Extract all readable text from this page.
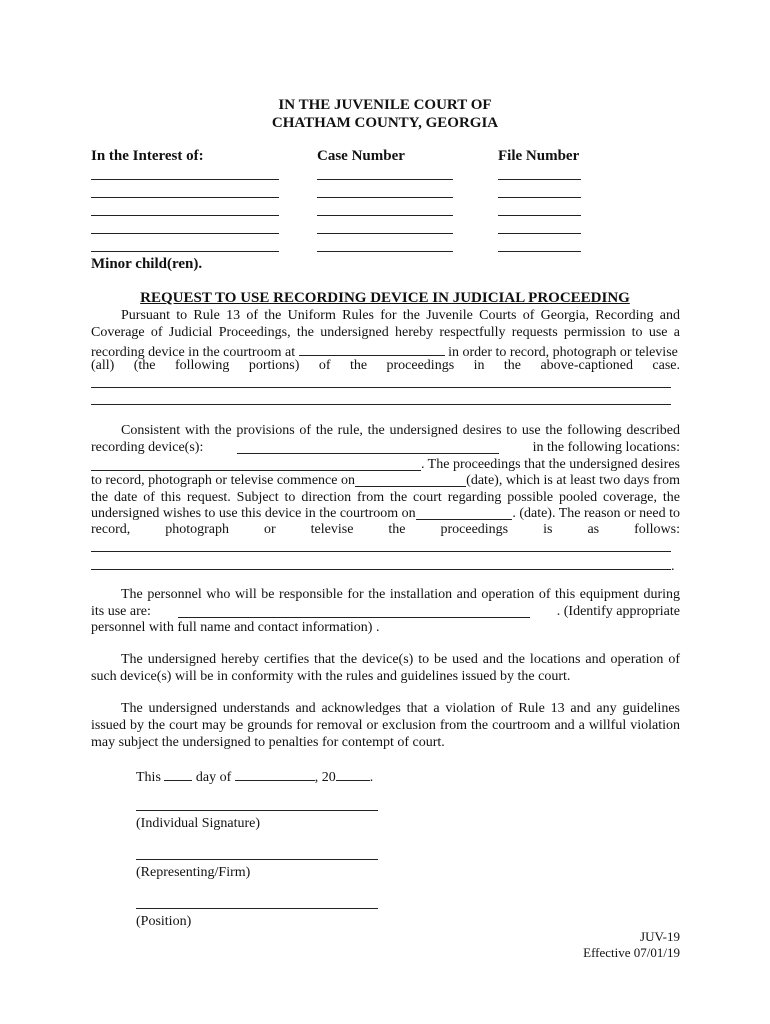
IN THE JUVENILE COURT OF
CHATHAM COUNTY, GEORGIA
In the Interest of:	Case Number	File Number
Minor child(ren).
REQUEST TO USE RECORDING DEVICE IN JUDICIAL PROCEEDING
Pursuant to Rule 13 of the Uniform Rules for the Juvenile Courts of Georgia, Recording and
Coverage of Judicial Proceedings, the undersigned hereby respectfully requests permission to use a
recording device in the courtroom at	in order to record, photograph or televise
(all) (the following portions) of the proceedings in the above-captioned case.
Consistent with the provisions of the rule, the undersigned desires to use the following described
recording device(s):	in the following locations:
. The proceedings that the undersigned desires
to record, photograph or televise commence on	(date), which is at least two days from
the date of this request. Subject to direction from the court regarding possible pooled coverage, the
undersigned wishes to use this device in the courtroom on	. (date). The reason or need to
record, photograph or televise the proceedings is as follows:
.
The personnel who will be responsible for the installation and operation of this equipment during
its use are:	. (Identify appropriate
personnel with full name and contact information) .
The undersigned hereby certifies that the device(s) to be used and the locations and operation of
such device(s) will be in conformity with the rules and guidelines issued by the court.
The undersigned understands and acknowledges that a violation of Rule 13 and any guidelines
issued by the court may be grounds for removal or exclusion from the courtroom and a willful violation
may subject the undersigned to penalties for contempt of court.
This	day of	, 20 .
(Individual Signature)
(Representing/Firm)
(Position)
JUV-19
Effective 07/01/19
